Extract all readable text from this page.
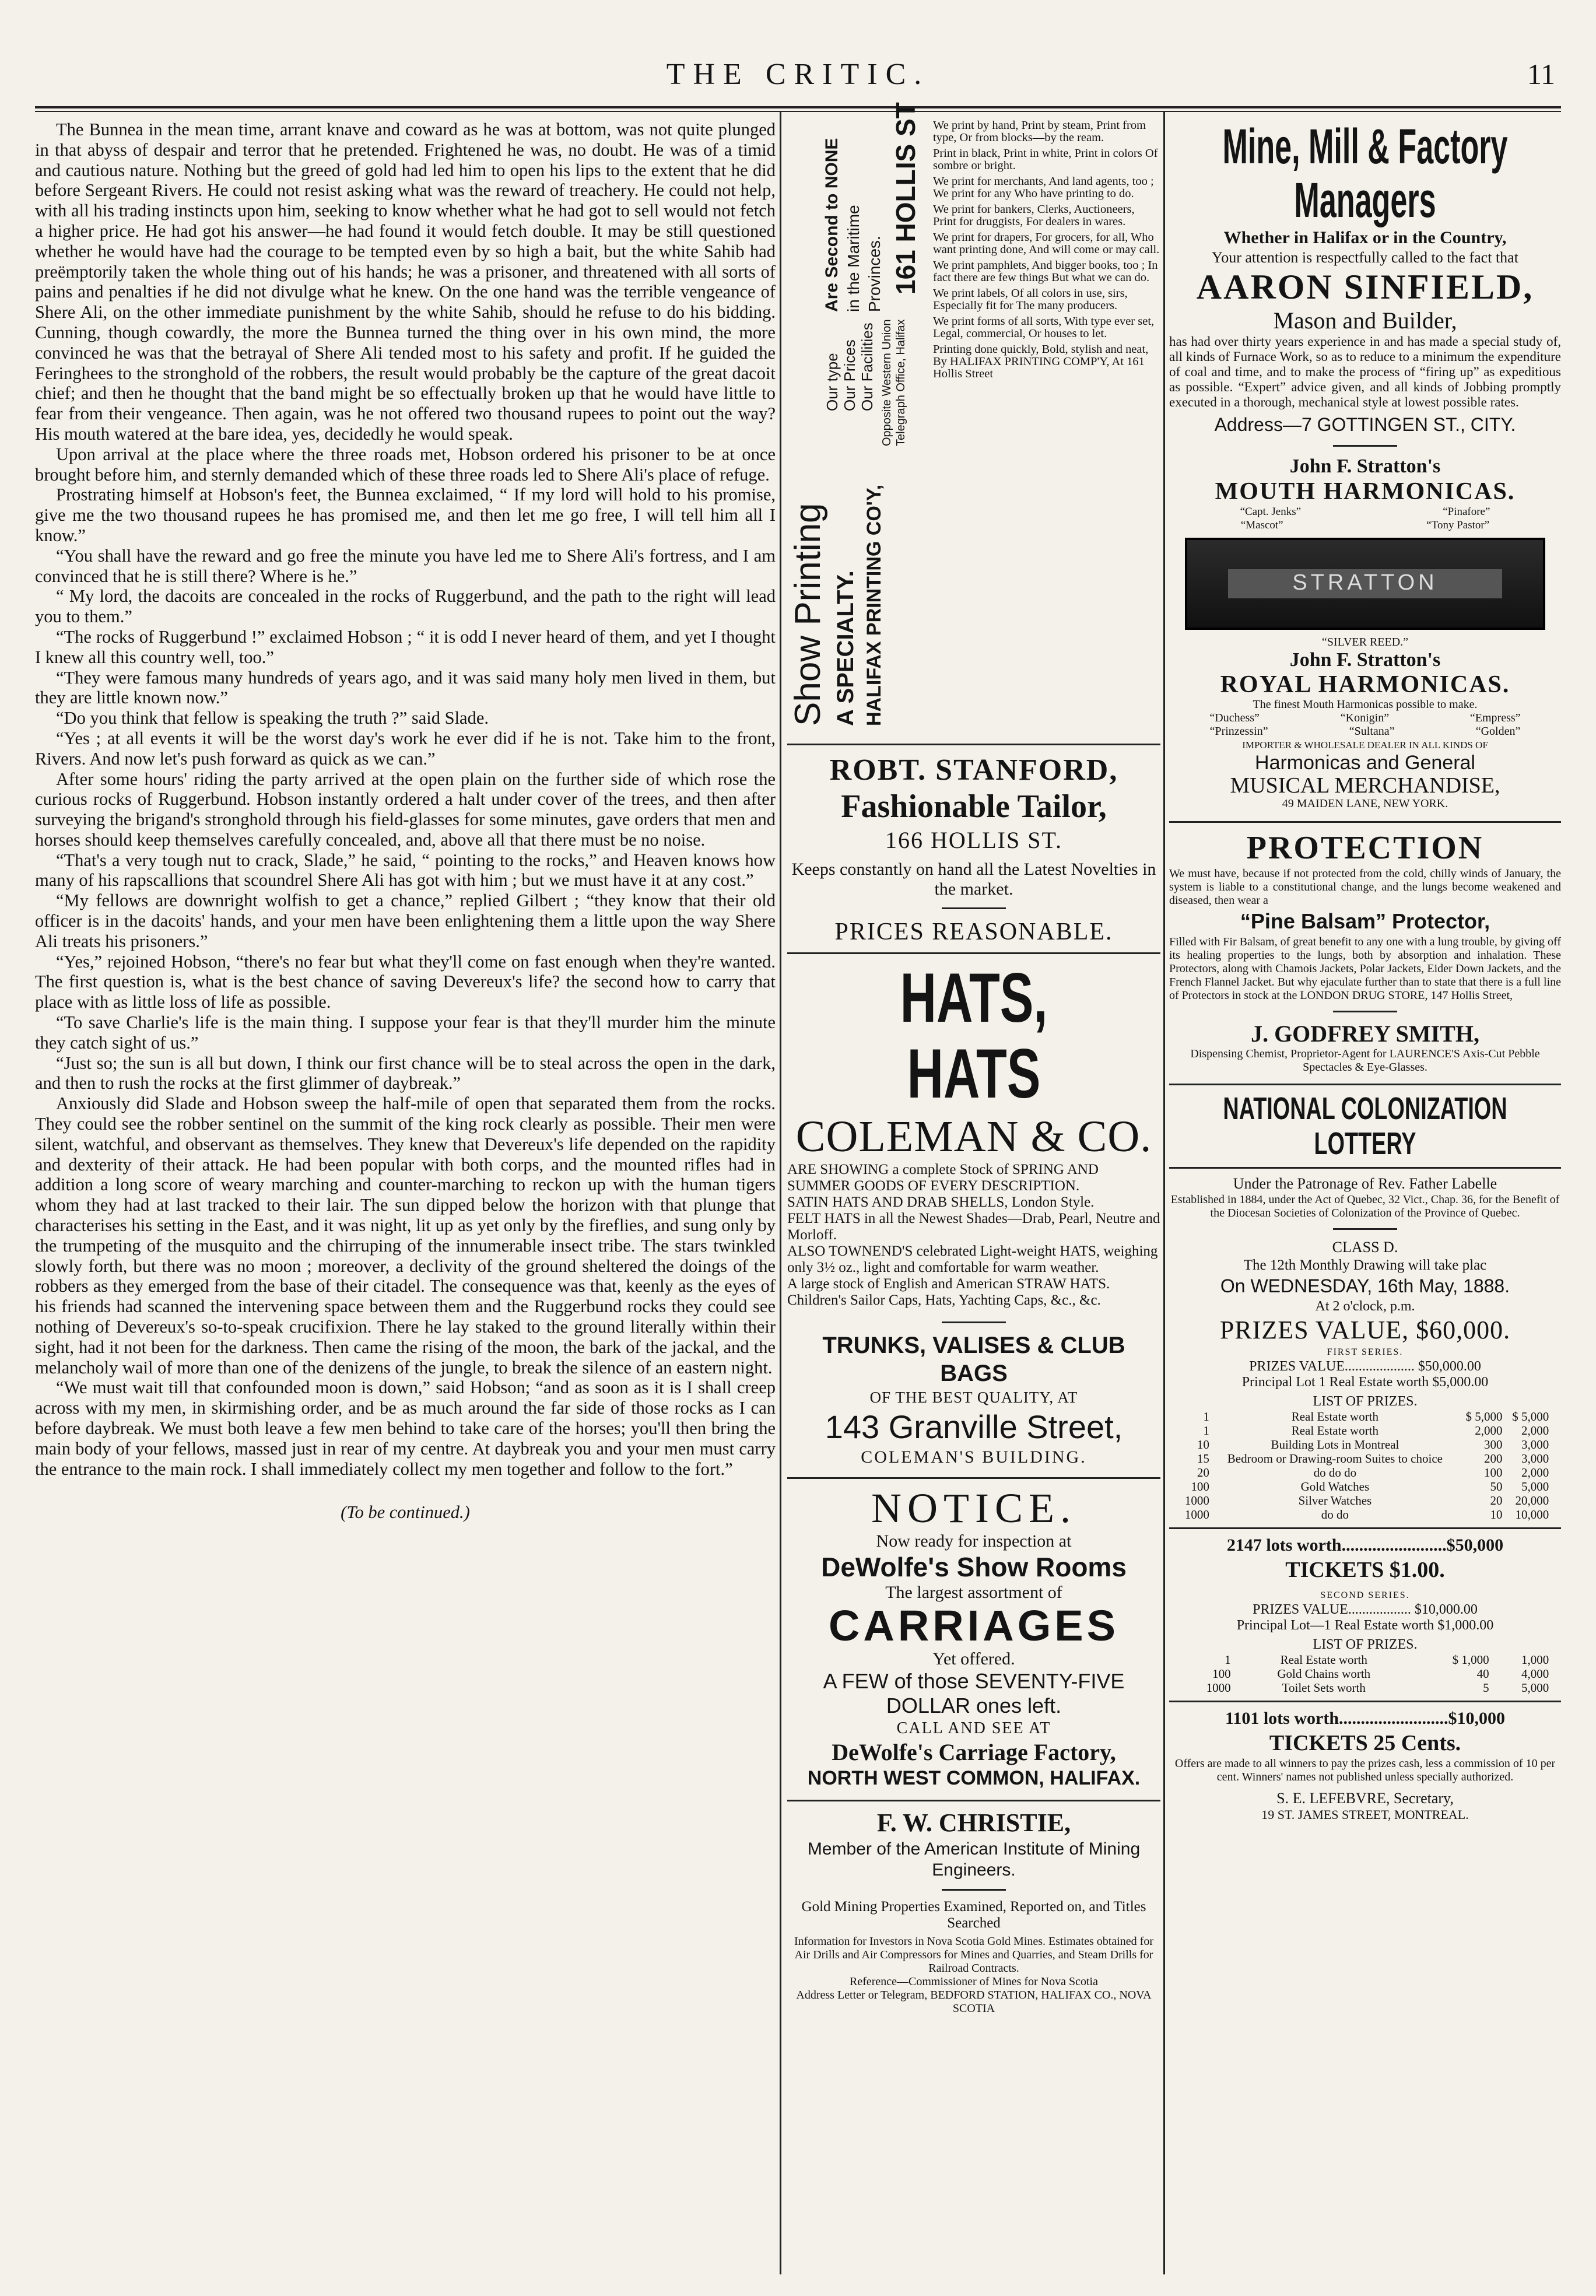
THE CRITIC.	11

The Bunnea in the mean time, arrant knave and coward as he was at bottom, was not quite plunged in that abyss of despair and terror that he pretended. Frightened he was, no doubt. He was of a timid and cautious nature. Nothing but the greed of gold had led him to open his lips to the extent that he did before Sergeant Rivers. He could not resist asking what was the reward of treachery. He could not help, with all his trading instincts upon him, seeking to know whether what he had got to sell would not fetch a higher price. He had got his answer—he had found it would fetch double. It may be still questioned whether he would have had the courage to be tempted even by so high a bait, but the white Sahib had preëmptorily taken the whole thing out of his hands; he was a prisoner, and threatened with all sorts of pains and penalties if he did not divulge what he knew. On the one hand was the terrible vengeance of Shere Ali, on the other immediate punishment by the white Sahib, should he refuse to do his bidding. Cunning, though cowardly, the more the Bunnea turned the thing over in his own mind, the more convinced he was that the betrayal of Shere Ali tended most to his safety and profit. If he guided the Feringhees to the stronghold of the robbers, the result would probably be the capture of the great dacoit chief; and then he thought that the band might be so effectually broken up that he would have little to fear from their vengeance. Then again, was he not offered two thousand rupees to point out the way? His mouth watered at the bare idea, yes, decidedly he would speak.

Upon arrival at the place where the three roads met, Hobson ordered his prisoner to be at once brought before him, and sternly demanded which of these three roads led to Shere Ali's place of refuge.

Prostrating himself at Hobson's feet, the Bunnea exclaimed, “ If my lord will hold to his promise, give me the two thousand rupees he has promised me, and then let me go free, I will tell him all I know.”

“You shall have the reward and go free the minute you have led me to Shere Ali's fortress, and I am convinced that he is still there? Where is he.”

“ My lord, the dacoits are concealed in the rocks of Ruggerbund, and the path to the right will lead you to them.”

“The rocks of Ruggerbund !” exclaimed Hobson ; “ it is odd I never heard of them, and yet I thought I knew all this country well, too.”

“They were famous many hundreds of years ago, and it was said many holy men lived in them, but they are little known now.”

“Do you think that fellow is speaking the truth ?” said Slade.

“Yes ; at all events it will be the worst day's work he ever did if he is not. Take him to the front, Rivers. And now let's push forward as quick as we can.”

After some hours' riding the party arrived at the open plain on the further side of which rose the curious rocks of Ruggerbund. Hobson instantly ordered a halt under cover of the trees, and then after surveying the brigand's stronghold through his field-glasses for some minutes, gave orders that men and horses should keep themselves carefully concealed, and, above all that there must be no noise.

“That's a very tough nut to crack, Slade,” he said, “ pointing to the rocks,” and Heaven knows how many of his rapscallions that scoundrel Shere Ali has got with him ; but we must have it at any cost.”

“My fellows are downright wolfish to get a chance,” replied Gilbert ; “they know that their old officer is in the dacoits' hands, and your men have been enlightening them a little upon the way Shere Ali treats his prisoners.”

“Yes,” rejoined Hobson, “there's no fear but what they'll come on fast enough when they're wanted. The first question is, what is the best chance of saving Devereux's life? the second how to carry that place with as little loss of life as possible.

“To save Charlie's life is the main thing. I suppose your fear is that they'll murder him the minute they catch sight of us.”

“Just so; the sun is all but down, I think our first chance will be to steal across the open in the dark, and then to rush the rocks at the first glimmer of daybreak.”

Anxiously did Slade and Hobson sweep the half-mile of open that separated them from the rocks. They could see the robber sentinel on the summit of the king rock clearly as possible. Their men were silent, watchful, and observant as themselves. They knew that Devereux's life depended on the rapidity and dexterity of their attack. He had been popular with both corps, and the mounted rifles had in addition a long score of weary marching and counter-marching to reckon up with the human tigers whom they had at last tracked to their lair. The sun dipped below the horizon with that plunge that characterises his setting in the East, and it was night, lit up as yet only by the fireflies, and sung only by the trumpeting of the musquito and the chirruping of the innumerable insect tribe. The stars twinkled slowly forth, but there was no moon ; moreover, a declivity of the ground sheltered the doings of the robbers as they emerged from the base of their citadel. The consequence was that, keenly as the eyes of his friends had scanned the intervening space between them and the Ruggerbund rocks they could see nothing of Devereux's so-to-speak crucifixion. There he lay staked to the ground literally within their sight, had it not been for the darkness. Then came the rising of the moon, the bark of the jackal, and the melancholy wail of more than one of the denizens of the jungle, to break the silence of an eastern night.

“We must wait till that confounded moon is down,” said Hobson; “and as soon as it is I shall creep across with my men, in skirmishing order, and be as much around the far side of those rocks as I can before daybreak. We must both leave a few men behind to take care of the horses; you'll then bring the main body of your fellows, massed just in rear of my centre. At daybreak you and your men must carry the entrance to the main rock. I shall immediately collect my men together and follow to the fort.”

(To be continued.)

Show Printing A SPECIALTY. HALIFAX PRINTING CO'Y,
Our type Our Prices Our Facilities
Are Second to NONE in the Maritime Provinces.
Opposite Western Union Telegraph Office, Halifax
161 HOLLIS ST We print by hand, Print by steam, Print from type, Or from blocks—by the ream.
Print in black, Print in white, Print in colors Of sombre or bright.
We print for merchants, And land agents, too ; We print for any Who have printing to do.
We print for bankers, Clerks, Auctioneers, Print for druggists, For dealers in wares.
We print for drapers, For grocers, for all, Who want printing done, And will come or may call.
We print pamphlets, And bigger books, too ; In fact there are few things But what we can do.
We print labels, Of all colors in use, sirs, Especially fit for The many producers.
We print forms of all sorts, With type ever set, Legal, commercial, Or houses to let.
Printing done quickly, Bold, stylish and neat, By HALIFAX PRINTING COMP'Y, At 161 Hollis Street
ROBT. STANFORD,
Fashionable Tailor,
166 HOLLIS ST.
Keeps constantly on hand all the Latest Novelties in the market.
PRICES REASONABLE.
HATS, HATS
COLEMAN & CO.
ARE SHOWING a complete Stock of SPRING AND SUMMER GOODS OF EVERY DESCRIPTION.
SATIN HATS AND DRAB SHELLS, London Style.
FELT HATS in all the Newest Shades—Drab, Pearl, Neutre and Morloff.
ALSO TOWNEND'S celebrated Light-weight HATS, weighing only 3½ oz., light and comfortable for warm weather.
A large stock of English and American STRAW HATS.
Children's Sailor Caps, Hats, Yachting Caps, &c., &c.
TRUNKS, VALISES & CLUB BAGS
OF THE BEST QUALITY, AT
143 Granville Street,
COLEMAN'S BUILDING.
NOTICE.
Now ready for inspection at
DeWolfe's Show Rooms
The largest assortment of
CARRIAGES
Yet offered.
A FEW of those SEVENTY-FIVE DOLLAR ones left.
CALL AND SEE AT
DeWolfe's Carriage Factory,
NORTH WEST COMMON, HALIFAX.
F. W. CHRISTIE,
Member of the American Institute of Mining Engineers.
Gold Mining Properties Examined, Reported on, and Titles Searched
Information for Investors in Nova Scotia Gold Mines. Estimates obtained for Air Drills and Air Compressors for Mines and Quarries, and Steam Drills for Railroad Contracts.
Reference—Commissioner of Mines for Nova Scotia
Address Letter or Telegram, BEDFORD STATION, HALIFAX CO., NOVA SCOTIA
Mine, Mill & Factory Managers
Whether in Halifax or in the Country,
Your attention is respectfully called to the fact that
AARON SINFIELD,
Mason and Builder,
has had over thirty years experience in and has made a special study of, all kinds of Furnace Work, so as to reduce to a minimum the expenditure of coal and time, and to make the process of “firing up” as expeditious as possible. “Expert” advice given, and all kinds of Jobbing promptly executed in a thorough, mechanical style at lowest possible rates.
Address—7 GOTTINGEN ST., CITY.
John F. Stratton's
MOUTH HARMONICAS.
“Capt. Jenks”	“Pinafore”
“Mascot”	“Tony Pastor”
STRATTON
“SILVER REED.”
John F. Stratton's
ROYAL HARMONICAS.
The finest Mouth Harmonicas possible to make.
“Duchess”	“Konigin”	“Empress”
“Prinzessin”	“Sultana”	“Golden”
IMPORTER & WHOLESALE DEALER IN ALL KINDS OF
Harmonicas and General
MUSICAL MERCHANDISE,
49 MAIDEN LANE, NEW YORK.
PROTECTION
We must have, because if not protected from the cold, chilly winds of January, the system is liable to a constitutional change, and the lungs become weakened and diseased, then wear a
“Pine Balsam” Protector,
Filled with Fir Balsam, of great benefit to any one with a lung trouble, by giving off its healing properties to the lungs, both by absorption and inhalation. These Protectors, along with Chamois Jackets, Polar Jackets, Eider Down Jackets, and the French Flannel Jacket. But why ejaculate further than to state that there is a full line of Protectors in stock at the LONDON DRUG STORE, 147 Hollis Street,
J. GODFREY SMITH,
Dispensing Chemist, Proprietor-Agent for LAURENCE'S Axis-Cut Pebble Spectacles & Eye-Glasses.
NATIONAL COLONIZATION LOTTERY
Under the Patronage of Rev. Father Labelle
Established in 1884, under the Act of Quebec, 32 Vict., Chap. 36, for the Benefit of the Diocesan Societies of Colonization of the Province of Quebec.
CLASS D.
The 12th Monthly Drawing will take plac
On WEDNESDAY, 16th May, 1888.
At 2 o'clock, p.m.
PRIZES VALUE, $60,000.
FIRST SERIES.
PRIZES VALUE.................... $50,000.00
Principal Lot 1 Real Estate worth $5,000.00
LIST OF PRIZES.
1	Real Estate worth	$ 5,000	$ 5,000
1	Real Estate worth	2,000	2,000
10	Building Lots in Montreal	300	3,000
15	Bedroom or Drawing-room Suites to choice	200	3,000
20	do do do	100	2,000
100	Gold Watches	50	5,000
1000	Silver Watches	20	20,000
1000	do do	10	10,000
2147 lots worth........................$50,000
TICKETS $1.00.
SECOND SERIES.
PRIZES VALUE.................. $10,000.00
Principal Lot—1 Real Estate worth $1,000.00
LIST OF PRIZES.
1	Real Estate worth	$ 1,000	1,000
100	Gold Chains worth	40	4,000
1000	Toilet Sets worth	5	5,000
1101 lots worth.........................$10,000
TICKETS 25 Cents.
Offers are made to all winners to pay the prizes cash, less a commission of 10 per cent. Winners' names not published unless specially authorized.
S. E. LEFEBVRE, Secretary,
19 ST. JAMES STREET, MONTREAL.
